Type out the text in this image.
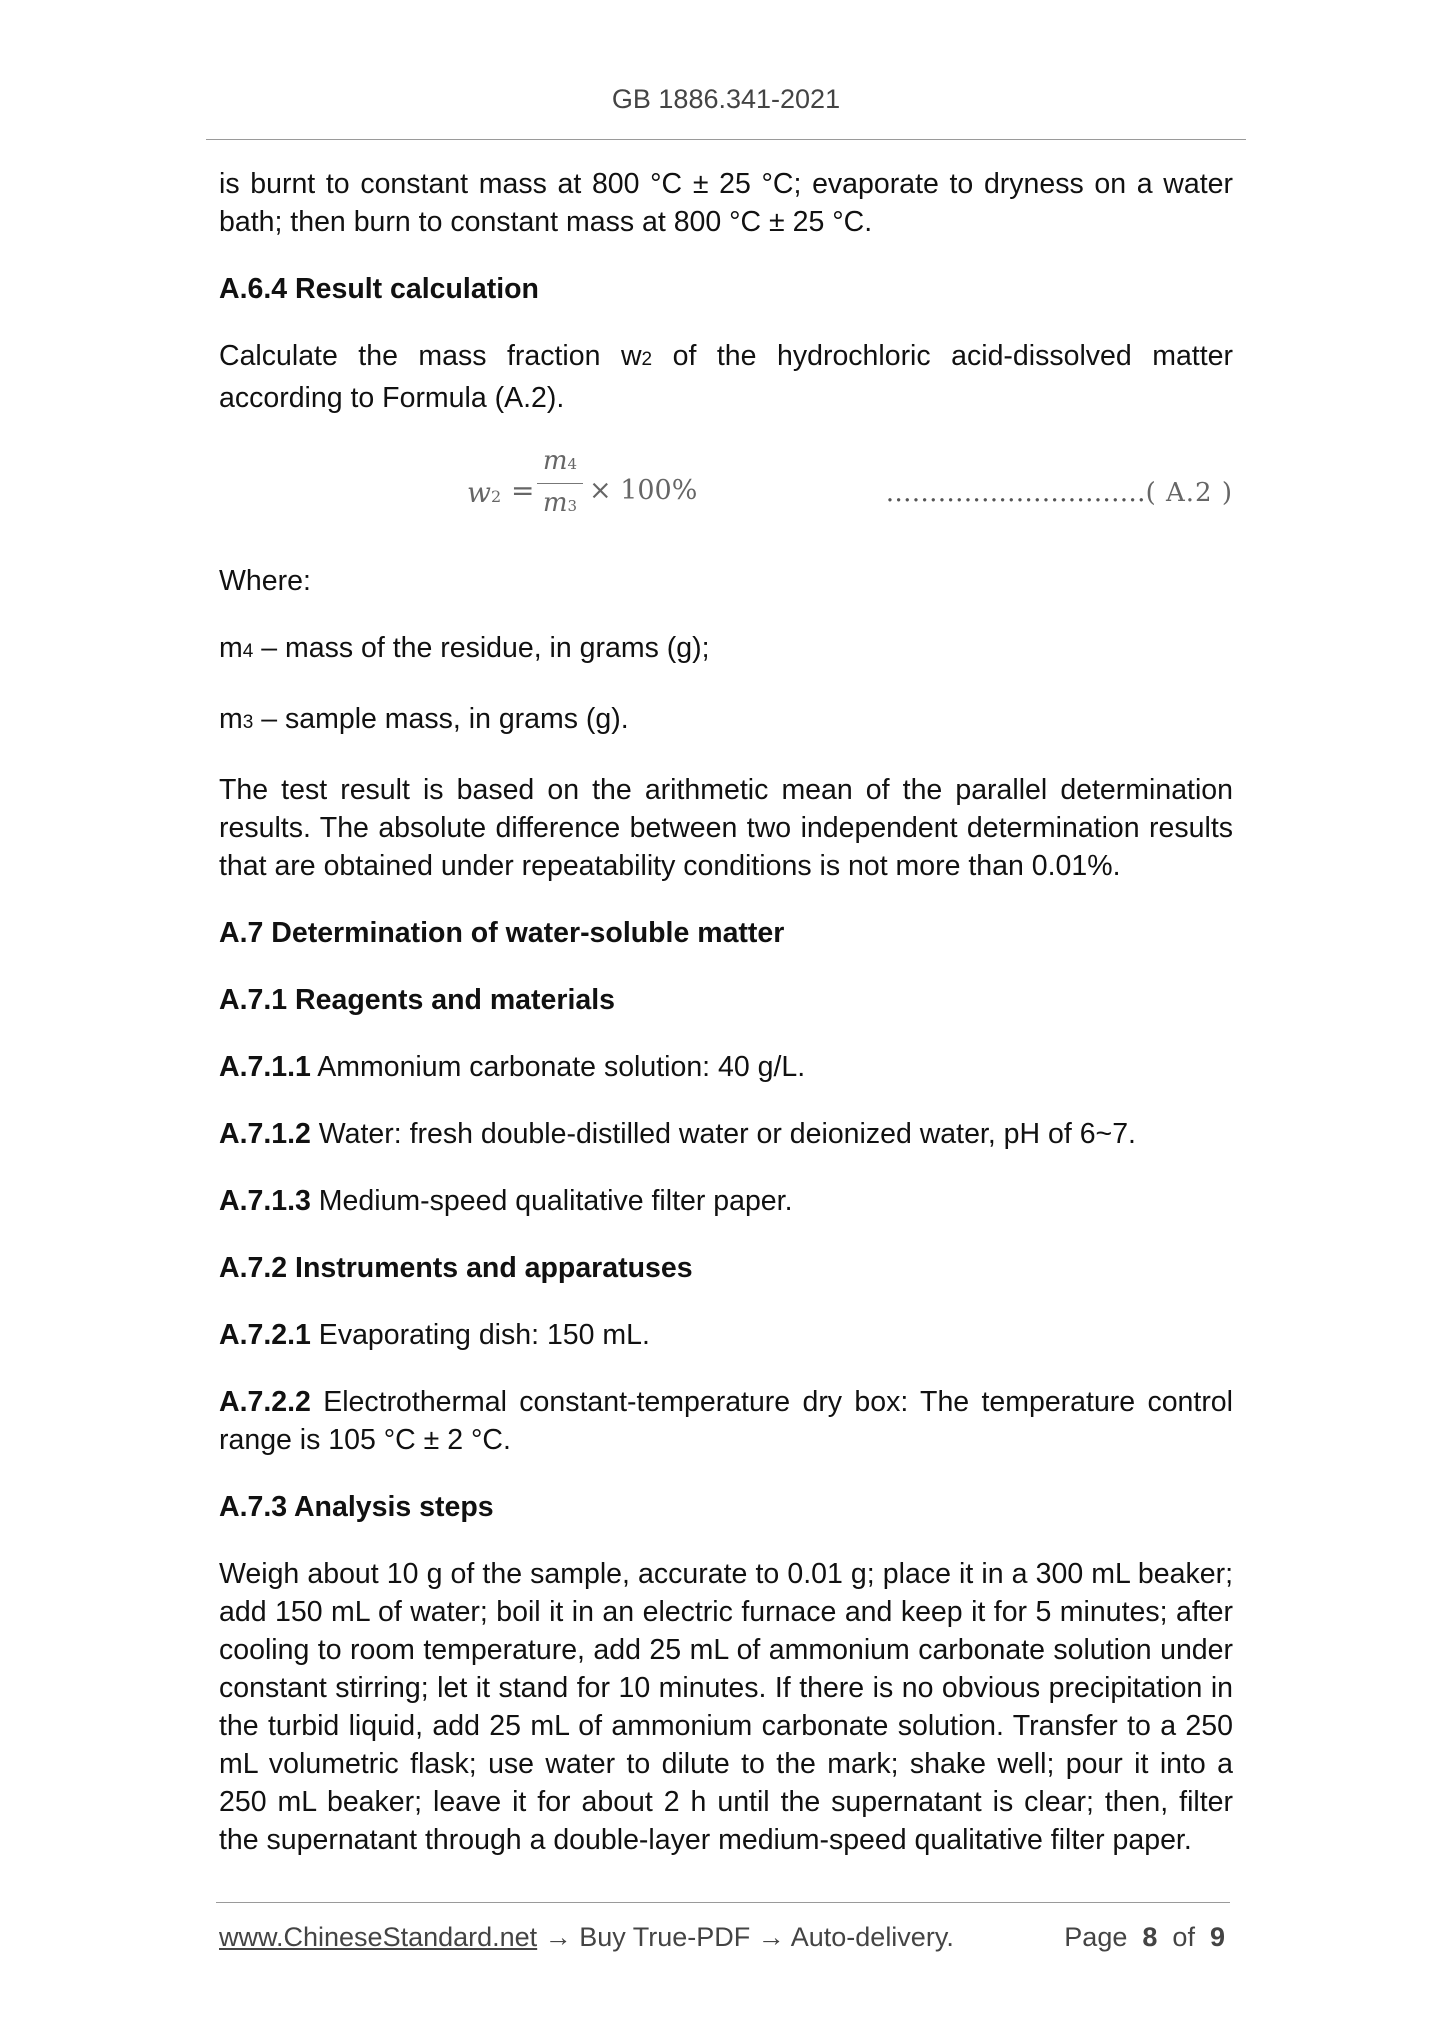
GB 1886.341-2021

is burnt to constant mass at 800 °C ± 25 °C; evaporate to dryness on a water bath; then burn to constant mass at 800 °C ± 25 °C.

A.6.4 Result calculation

Calculate the mass fraction w2 of the hydrochloric acid-dissolved matter according to Formula (A.2).

w2 =
m4
m3 × 100%	…………………………( A.2 )

Where:

m4 – mass of the residue, in grams (g);

m3 – sample mass, in grams (g).

The test result is based on the arithmetic mean of the parallel determination results. The absolute difference between two independent determination results that are obtained under repeatability conditions is not more than 0.01%.

A.7 Determination of water-soluble matter

A.7.1 Reagents and materials

A.7.1.1 Ammonium carbonate solution: 40 g/L.

A.7.1.2 Water: fresh double-distilled water or deionized water, pH of 6~7.

A.7.1.3 Medium-speed qualitative filter paper.

A.7.2 Instruments and apparatuses

A.7.2.1 Evaporating dish: 150 mL.

A.7.2.2 Electrothermal constant-temperature dry box: The temperature control range is 105 °C ± 2 °C.

A.7.3 Analysis steps

Weigh about 10 g of the sample, accurate to 0.01 g; place it in a 300 mL beaker; add 150 mL of water; boil it in an electric furnace and keep it for 5 minutes; after cooling to room temperature, add 25 mL of ammonium carbonate solution under constant stirring; let it stand for 10 minutes. If there is no obvious precipitation in the turbid liquid, add 25 mL of ammonium carbonate solution. Transfer to a 250 mL volumetric flask; use water to dilute to the mark; shake well; pour it into a 250 mL beaker; leave it for about 2 h until the supernatant is clear; then, filter the supernatant through a double-layer medium-speed qualitative filter paper.

www.ChineseStandard.net → Buy True-PDF → Auto-delivery.	Page 8 of 9
